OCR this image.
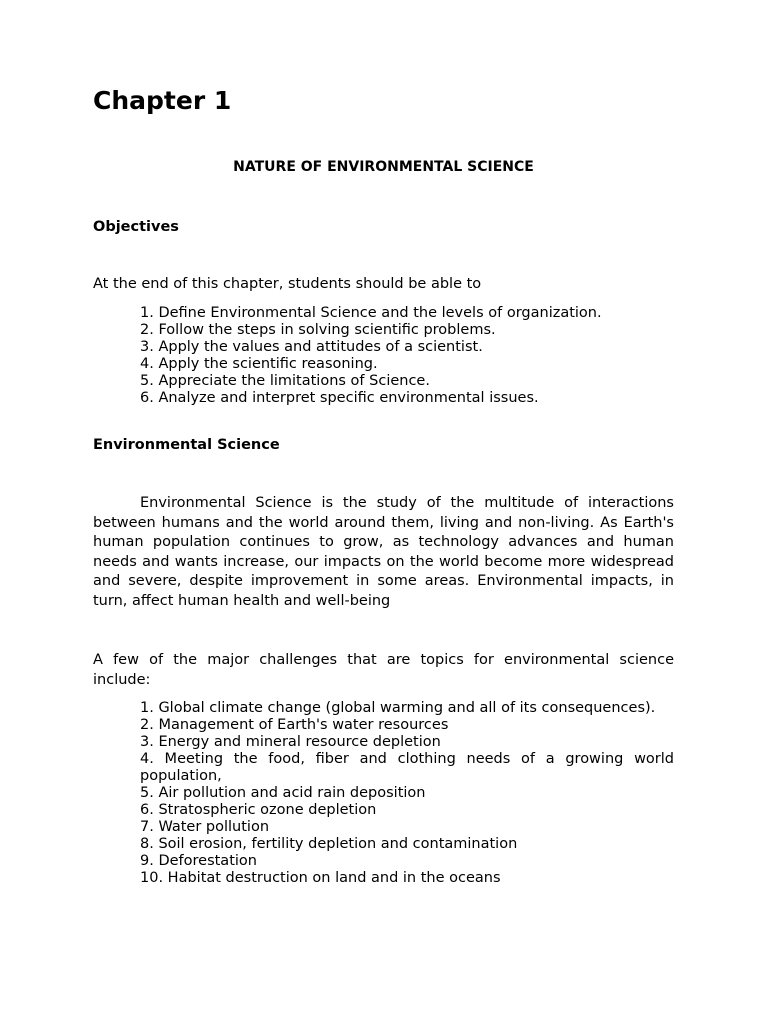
Chapter 1
NATURE OF ENVIRONMENTAL SCIENCE
Objectives
At the end of this chapter, students should be able to
1. Define Environmental Science and the levels of organization.
2. Follow the steps in solving scientific problems.
3. Apply the values and attitudes of a scientist.
4. Apply the scientific reasoning.
5. Appreciate the limitations of Science.
6. Analyze and interpret specific environmental issues.
Environmental Science

Environmental Science is the study of the multitude of interactions between humans and the world around them, living and non-living. As Earth's human population continues to grow, as technology advances and human needs and wants increase, our impacts on the world become more widespread and severe, despite improvement in some areas. Environmental impacts, in turn, affect human health and well-being

A few of the major challenges that are topics for environmental science include:

1. Global climate change (global warming and all of its consequences).
2. Management of Earth's water resources
3. Energy and mineral resource depletion
4. Meeting the food, fiber and clothing needs of a growing world population,
5. Air pollution and acid rain deposition
6. Stratospheric ozone depletion
7. Water pollution
8. Soil erosion, fertility depletion and contamination
9. Deforestation
10. Habitat destruction on land and in the oceans
